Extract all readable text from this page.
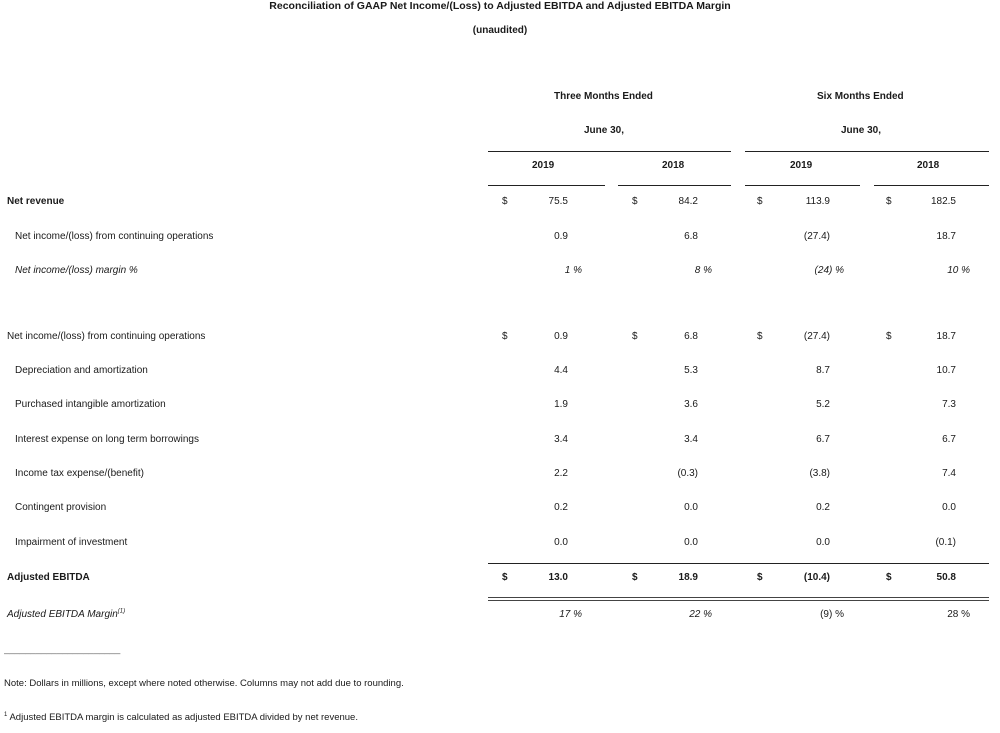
Reconciliation of GAAP Net Income/(Loss) to Adjusted EBITDA and Adjusted EBITDA Margin
(unaudited)
Three Months Ended
June 30,
Six Months Ended
June 30,
2019	2018	2019	2018
Net revenue	$	75.5	$	84.2	$	113.9	$	182.5
Net income/(loss) from continuing operations	0.9	6.8	(27.4)	18.7
Net income/(loss) margin %	1 %	8 %	(24) %	10 %
Net income/(loss) from continuing operations	$	0.9	$	6.8	$	(27.4)	$	18.7
Depreciation and amortization	4.4	5.3	8.7	10.7
Purchased intangible amortization	1.9	3.6	5.2	7.3
Interest expense on long term borrowings	3.4	3.4	6.7	6.7
Income tax expense/(benefit)	2.2	(0.3)	(3.8)	7.4
Contingent provision	0.2	0.0	0.2	0.0
Impairment of investment	0.0	0.0	0.0	(0.1)
Adjusted EBITDA	$	13.0	$	18.9	$	(10.4)	$	50.8
Adjusted EBITDA Margin$^{(1)}$	17 %	22 %	(9) %	28 %
______________________
Note: Dollars in millions, except where noted otherwise. Columns may not add due to rounding.
$^1$ Adjusted EBITDA margin is calculated as adjusted EBITDA divided by net revenue.
